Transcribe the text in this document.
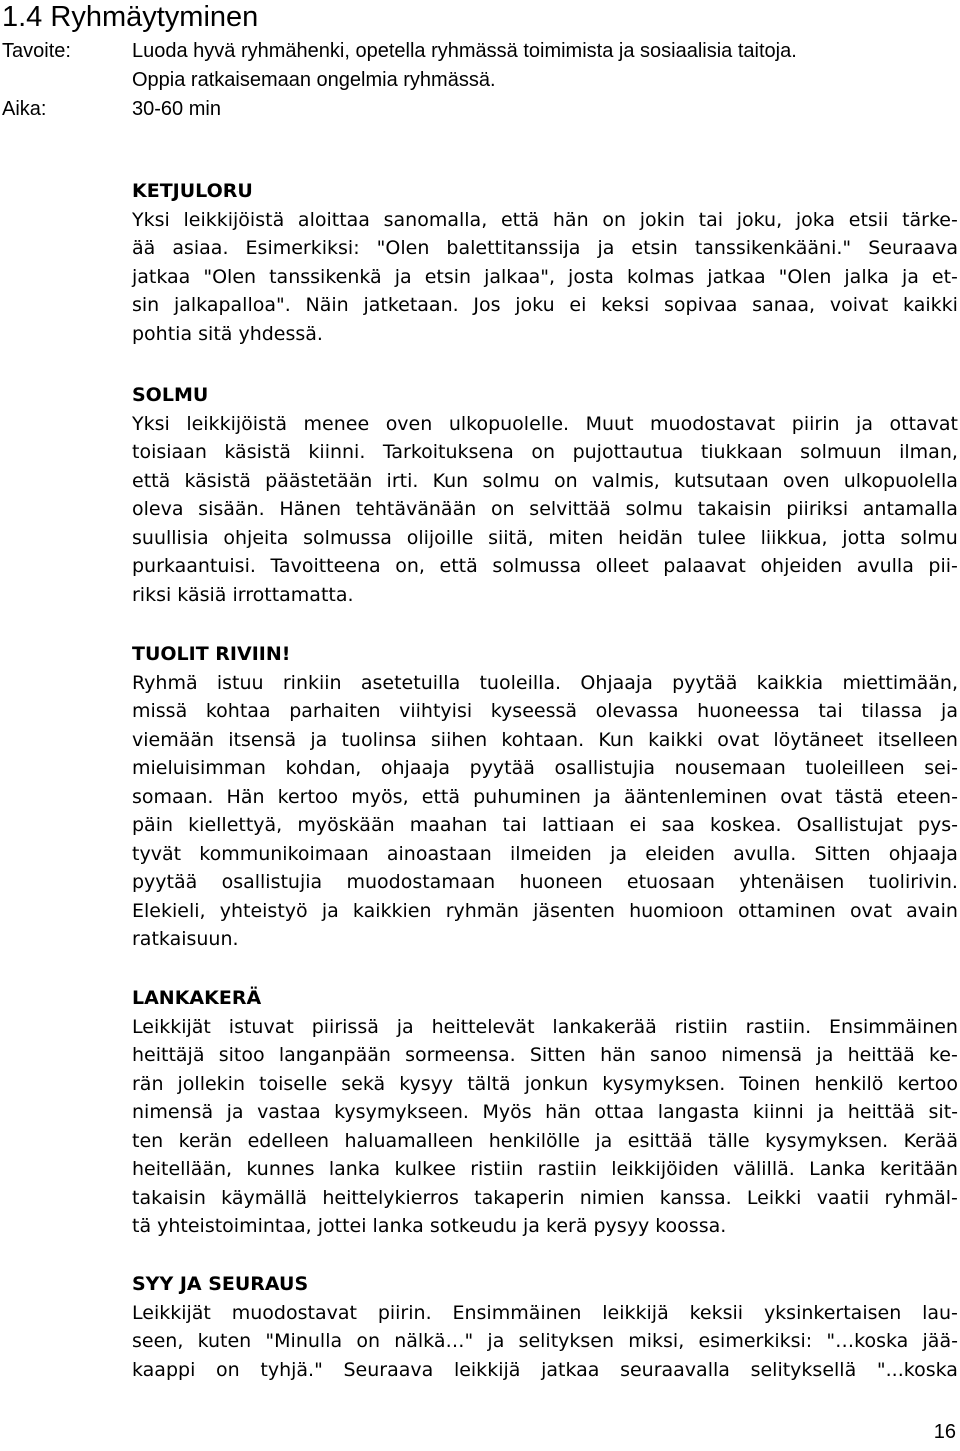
1.4 Ryhmäytyminen
Tavoite:	Luoda hyvä ryhmähenki, opetella ryhmässä toimimista ja sosiaalisia taitoja.
Oppia ratkaisemaan ongelmia ryhmässä.
Aika:	30-60 min
KETJULORU
Yksi leikkijöistä aloittaa sanomalla, että hän on jokin tai joku, joka etsii tärke-
ää asiaa. Esimerkiksi: "Olen balettitanssija ja etsin tanssikenkääni." Seuraava
jatkaa "Olen tanssikenkä ja etsin jalkaa", josta kolmas jatkaa "Olen jalka ja et-
sin jalkapalloa". Näin jatketaan. Jos joku ei keksi sopivaa sanaa, voivat kaikki
pohtia sitä yhdessä.
SOLMU
Yksi leikkijöistä menee oven ulkopuolelle. Muut muodostavat piirin ja ottavat
toisiaan käsistä kiinni. Tarkoituksena on pujottautua tiukkaan solmuun ilman,
että käsistä päästetään irti. Kun solmu on valmis, kutsutaan oven ulkopuolella
oleva sisään. Hänen tehtävänään on selvittää solmu takaisin piiriksi antamalla
suullisia ohjeita solmussa olijoille siitä, miten heidän tulee liikkua, jotta solmu
purkaantuisi. Tavoitteena on, että solmussa olleet palaavat ohjeiden avulla pii-
riksi käsiä irrottamatta.
TUOLIT RIVIIN!
Ryhmä istuu rinkiin asetetuilla tuoleilla. Ohjaaja pyytää kaikkia miettimään,
missä kohtaa parhaiten viihtyisi kyseessä olevassa huoneessa tai tilassa ja
viemään itsensä ja tuolinsa siihen kohtaan. Kun kaikki ovat löytäneet itselleen
mieluisimman kohdan, ohjaaja pyytää osallistujia nousemaan tuoleilleen sei-
somaan. Hän kertoo myös, että puhuminen ja ääntenleminen ovat tästä eteen-
päin kiellettyä, myöskään maahan tai lattiaan ei saa koskea. Osallistujat pys-
tyvät kommunikoimaan ainoastaan ilmeiden ja eleiden avulla. Sitten ohjaaja
pyytää osallistujia muodostamaan huoneen etuosaan yhtenäisen tuolirivin.
Elekieli, yhteistyö ja kaikkien ryhmän jäsenten huomioon ottaminen ovat avain
ratkaisuun.
LANKAKERÄ
Leikkijät istuvat piirissä ja heittelevät lankakerää ristiin rastiin. Ensimmäinen
heittäjä sitoo langanpään sormeensa. Sitten hän sanoo nimensä ja heittää ke-
rän jollekin toiselle sekä kysyy tältä jonkun kysymyksen. Toinen henkilö kertoo
nimensä ja vastaa kysymykseen. Myös hän ottaa langasta kiinni ja heittää sit-
ten kerän edelleen haluamalleen henkilölle ja esittää tälle kysymyksen. Kerää
heitellään, kunnes lanka kulkee ristiin rastiin leikkijöiden välillä. Lanka keritään
takaisin käymällä heittelykierros takaperin nimien kanssa. Leikki vaatii ryhmäl-
tä yhteistoimintaa, jottei lanka sotkeudu ja kerä pysyy koossa.
SYY JA SEURAUS
Leikkijät muodostavat piirin. Ensimmäinen leikkijä keksii yksinkertaisen lau-
seen, kuten "Minulla on nälkä…" ja selityksen miksi, esimerkiksi: "…koska jää-
kaappi on tyhjä." Seuraava leikkijä jatkaa seuraavalla selityksellä "...koska
16
